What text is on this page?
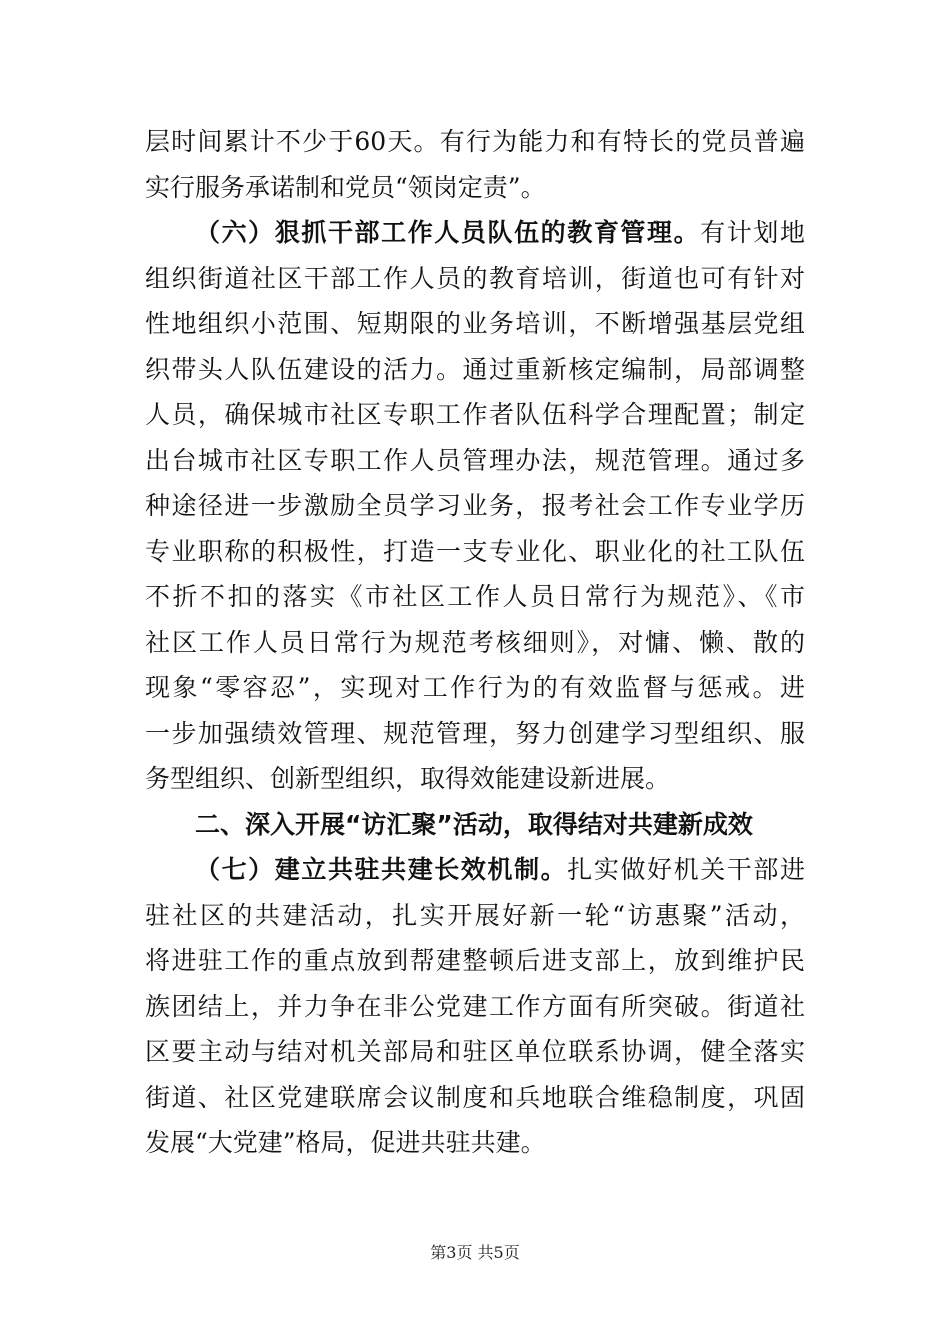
层时间累计不少于60天。有行为能力和有特长的党员普遍
实行服务承诺制和党员“领岗定责”。
（六）狠抓干部工作人员队伍的教育管理。有计划地
组织街道社区干部工作人员的教育培训，街道也可有针对
性地组织小范围、短期限的业务培训，不断增强基层党组
织带头人队伍建设的活力。通过重新核定编制，局部调整
人员，确保城市社区专职工作者队伍科学合理配置；制定
出台城市社区专职工作人员管理办法，规范管理。通过多
种途径进一步激励全员学习业务，报考社会工作专业学历
专业职称的积极性，打造一支专业化、职业化的社工队伍
不折不扣的落实《市社区工作人员日常行为规范》、《市
社区工作人员日常行为规范考核细则》，对慵、懒、散的
现象“零容忍”，实现对工作行为的有效监督与惩戒。进
一步加强绩效管理、规范管理，努力创建学习型组织、服
务型组织、创新型组织，取得效能建设新进展。
二、深入开展“访汇聚”活动，取得结对共建新成效
（七）建立共驻共建长效机制。扎实做好机关干部进
驻社区的共建活动，扎实开展好新一轮“访惠聚”活动，
将进驻工作的重点放到帮建整顿后进支部上，放到维护民
族团结上，并力争在非公党建工作方面有所突破。街道社
区要主动与结对机关部局和驻区单位联系协调，健全落实
街道、社区党建联席会议制度和兵地联合维稳制度，巩固
发展“大党建”格局，促进共驻共建。
第3页 共5页
